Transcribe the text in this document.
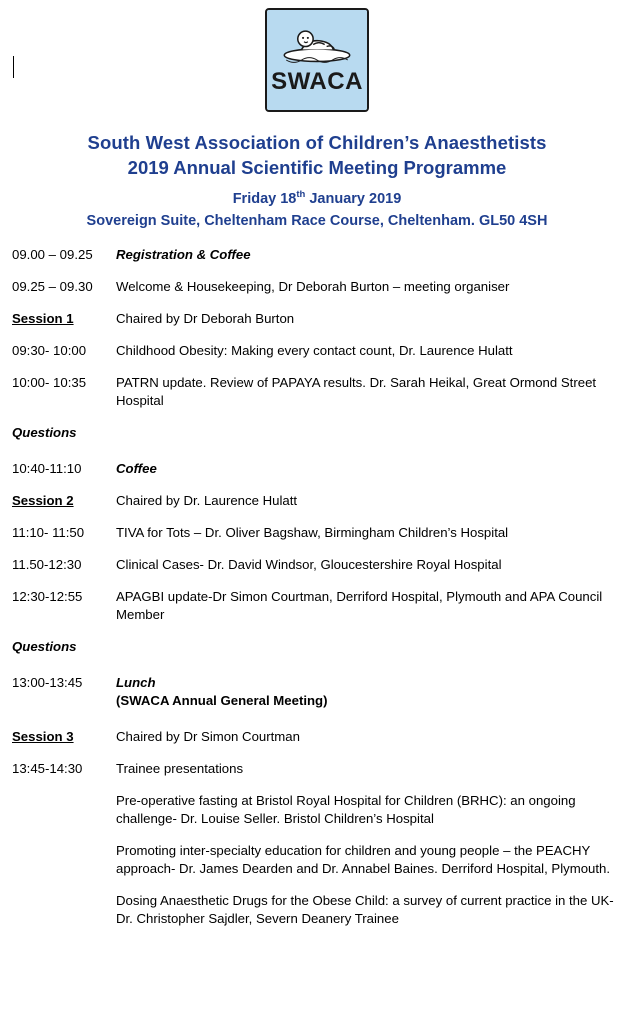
SWACA
South West Association of Children’s Anaesthetists
2019 Annual Scientific Meeting Programme
Friday 18th January 2019
Sovereign Suite, Cheltenham Race Course, Cheltenham. GL50 4SH
09.00 – 09.25	Registration & Coffee
09.25 – 09.30	Welcome & Housekeeping, Dr Deborah Burton – meeting organiser
Session 1	Chaired by Dr Deborah Burton
09:30- 10:00	Childhood Obesity: Making every contact count, Dr. Laurence Hulatt
10:00- 10:35	PATRN update. Review of PAPAYA results. Dr. Sarah Heikal, Great Ormond Street Hospital
Questions
10:40-11:10	Coffee
Session 2	Chaired by Dr. Laurence Hulatt
11:10- 11:50	TIVA for Tots – Dr. Oliver Bagshaw, Birmingham Children’s Hospital
11.50-12:30	Clinical Cases- Dr. David Windsor, Gloucestershire Royal Hospital
12:30-12:55	APAGBI update-Dr Simon Courtman, Derriford Hospital, Plymouth and APA Council Member
Questions
13:00-13:45	Lunch
(SWACA Annual General Meeting)
Session 3	Chaired by Dr Simon Courtman
13:45-14:30	Trainee presentations
Pre-operative fasting at Bristol Royal Hospital for Children (BRHC): an ongoing challenge- Dr. Louise Seller. Bristol Children’s Hospital
Promoting inter-specialty education for children and young people – the PEACHY approach- Dr. James Dearden and Dr. Annabel Baines. Derriford Hospital, Plymouth.
Dosing Anaesthetic Drugs for the Obese Child: a survey of current practice in the UK- Dr. Christopher Sajdler, Severn Deanery Trainee
